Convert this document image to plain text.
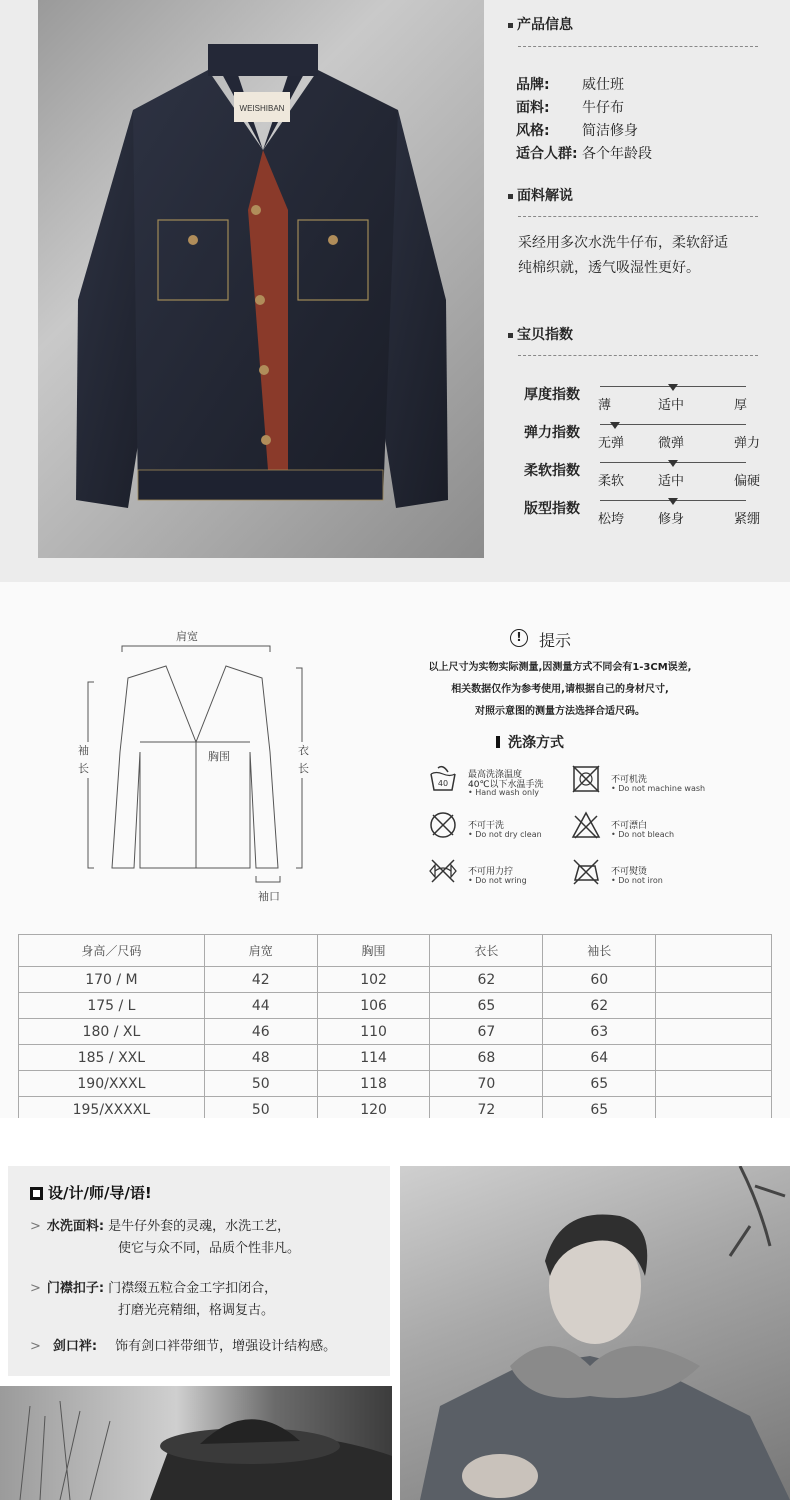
WEISHIBAN
产品信息
品牌: 威仕班
面料: 牛仔布
风格: 简洁修身
适合人群: 各个年龄段
面料解说
采经用多次水洗牛仔布，柔软舒适
纯棉织就，透气吸湿性更好。
宝贝指数
厚度指数
薄	适中	厚
弹力指数
无弹	微弹	弹力
柔软指数
柔软	适中	偏硬
版型指数
松垮	修身	紧绷
肩宽
胸围
袖长
衣长
袖口
!	提示
以上尺寸为实物实际测量,因测量方式不同会有1-3CM误差,
相关数据仅作为参考使用,请根据自己的身材尺寸,
对照示意图的测量方法选择合适尺码。
洗涤方式
40
最高洗涤温度
40℃以下水温手洗
• Hand wash only
不可机洗
• Do not machine wash
不可干洗
• Do not dry clean
不可漂白
• Do not bleach
不可用力拧
• Do not wring
不可熨烫
• Do not iron
身高／尺码	肩宽	胸围	衣长	袖长	
170 / M	42	102	62	60	
175 / L	44	106	65	62	
180 / XL	46	110	67	63	
185 / XXL	48	114	68	64	
190/XXXL	50	118	70	65	
195/XXXXL	50	120	72	65	
设/计/师/导/语!
> 水洗面料: 是牛仔外套的灵魂，水洗工艺，
使它与众不同，品质个性非凡。
> 门襟扣子: 门襟缀五粒合金工字扣闭合，
打磨光亮精细，格调复古。
> 剑口袢: 饰有剑口袢带细节，增强设计结构感。
